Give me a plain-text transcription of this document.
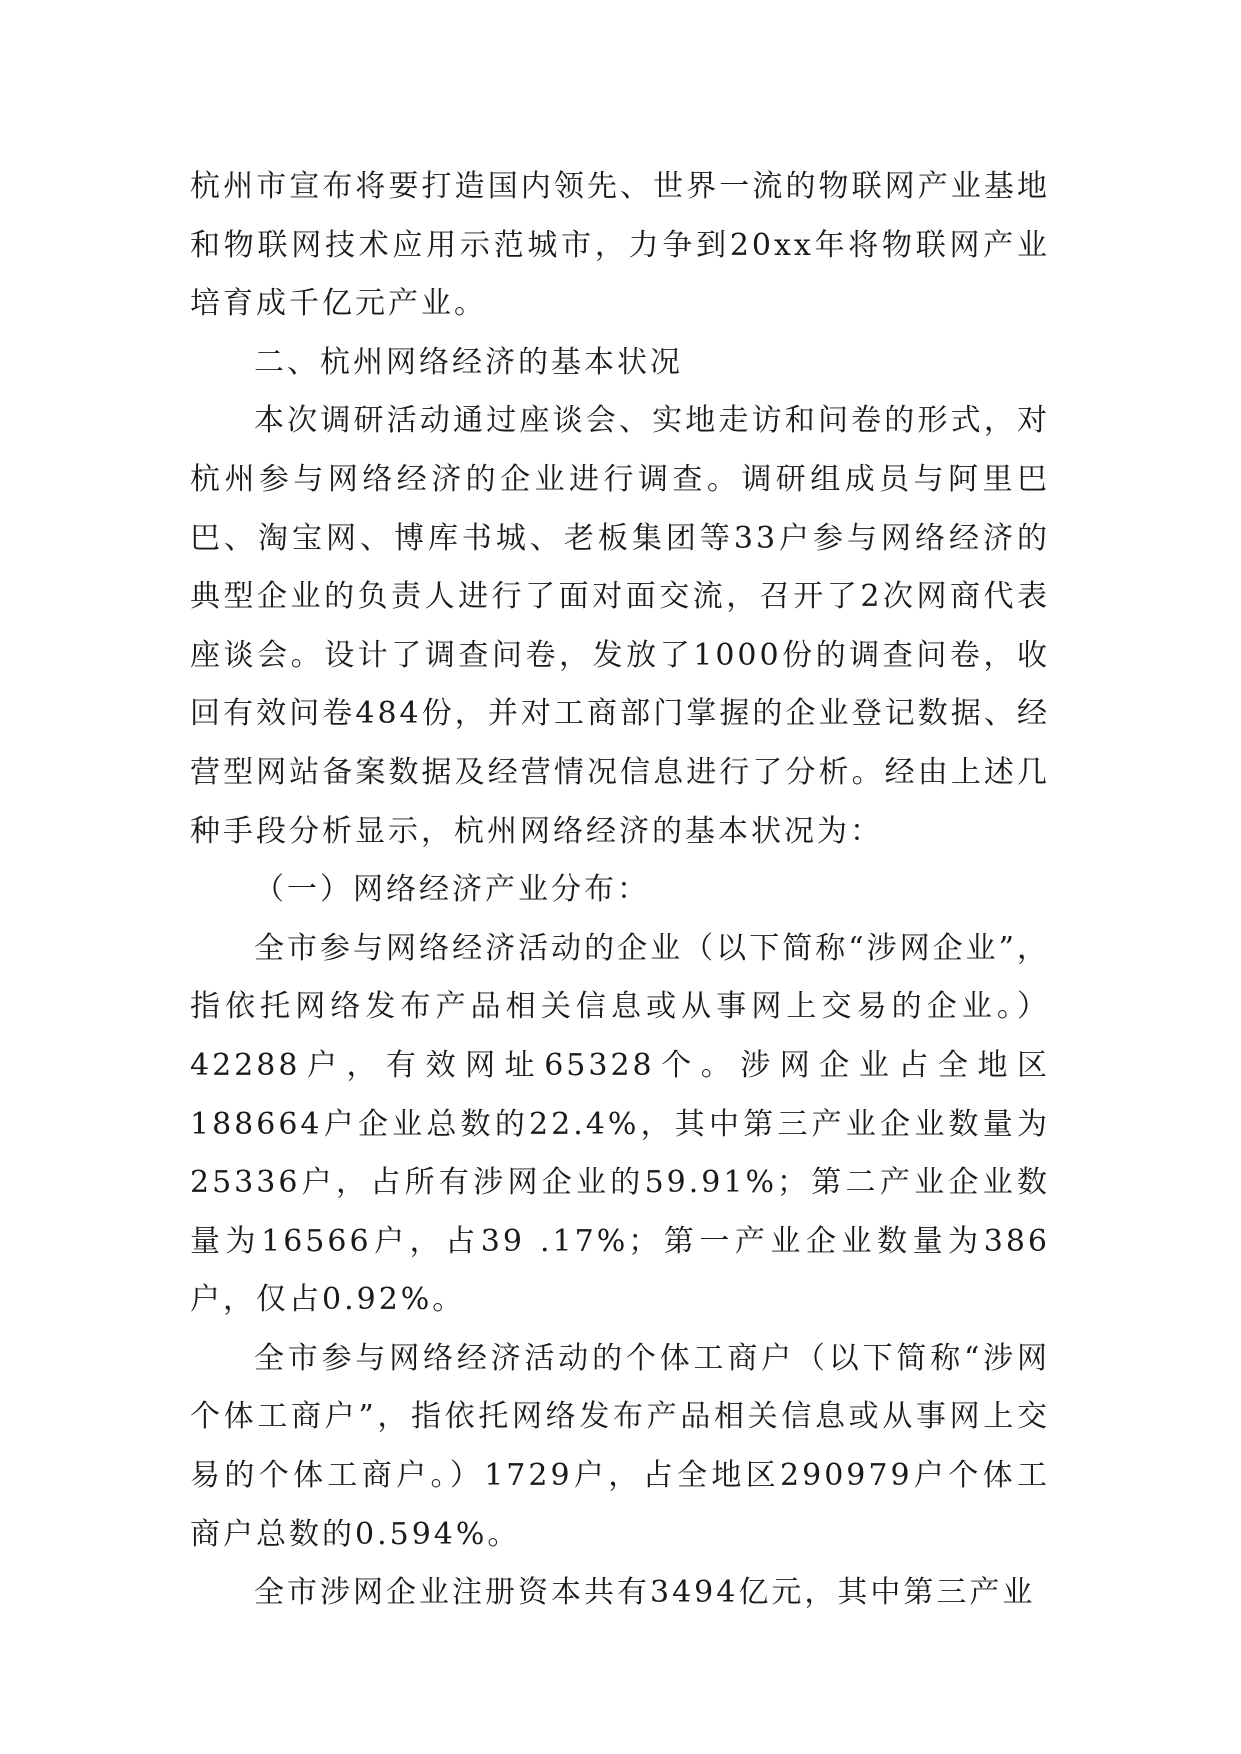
杭州市宣布将要打造国内领先、世界一流的物联网产业基地和物联网技术应用示范城市，力争到20xx年将物联网产业培育成千亿元产业。

二、杭州网络经济的基本状况

本次调研活动通过座谈会、实地走访和问卷的形式，对杭州参与网络经济的企业进行调查。调研组成员与阿里巴巴、淘宝网、博库书城、老板集团等33户参与网络经济的典型企业的负责人进行了面对面交流，召开了2次网商代表座谈会。设计了调查问卷，发放了1000份的调查问卷，收回有效问卷484份，并对工商部门掌握的企业登记数据、经营型网站备案数据及经营情况信息进行了分析。经由上述几种手段分析显示，杭州网络经济的基本状况为：

（一）网络经济产业分布：

全市参与网络经济活动的企业（以下简称“涉网企业”，指依托网络发布产品相关信息或从事网上交易的企业。）42288户，有效网址65328个。涉网企业占全地区188664户企业总数的22.4%，其中第三产业企业数量为25336户，占所有涉网企业的59.91%；第二产业企业数量为16566户，占39 .17%；第一产业企业数量为386户，仅占0.92%。

全市参与网络经济活动的个体工商户（以下简称“涉网个体工商户”，指依托网络发布产品相关信息或从事网上交易的个体工商户。）1729户，占全地区290979户个体工商户总数的0.594%。

全市涉网企业注册资本共有3494亿元，其中第三产业
